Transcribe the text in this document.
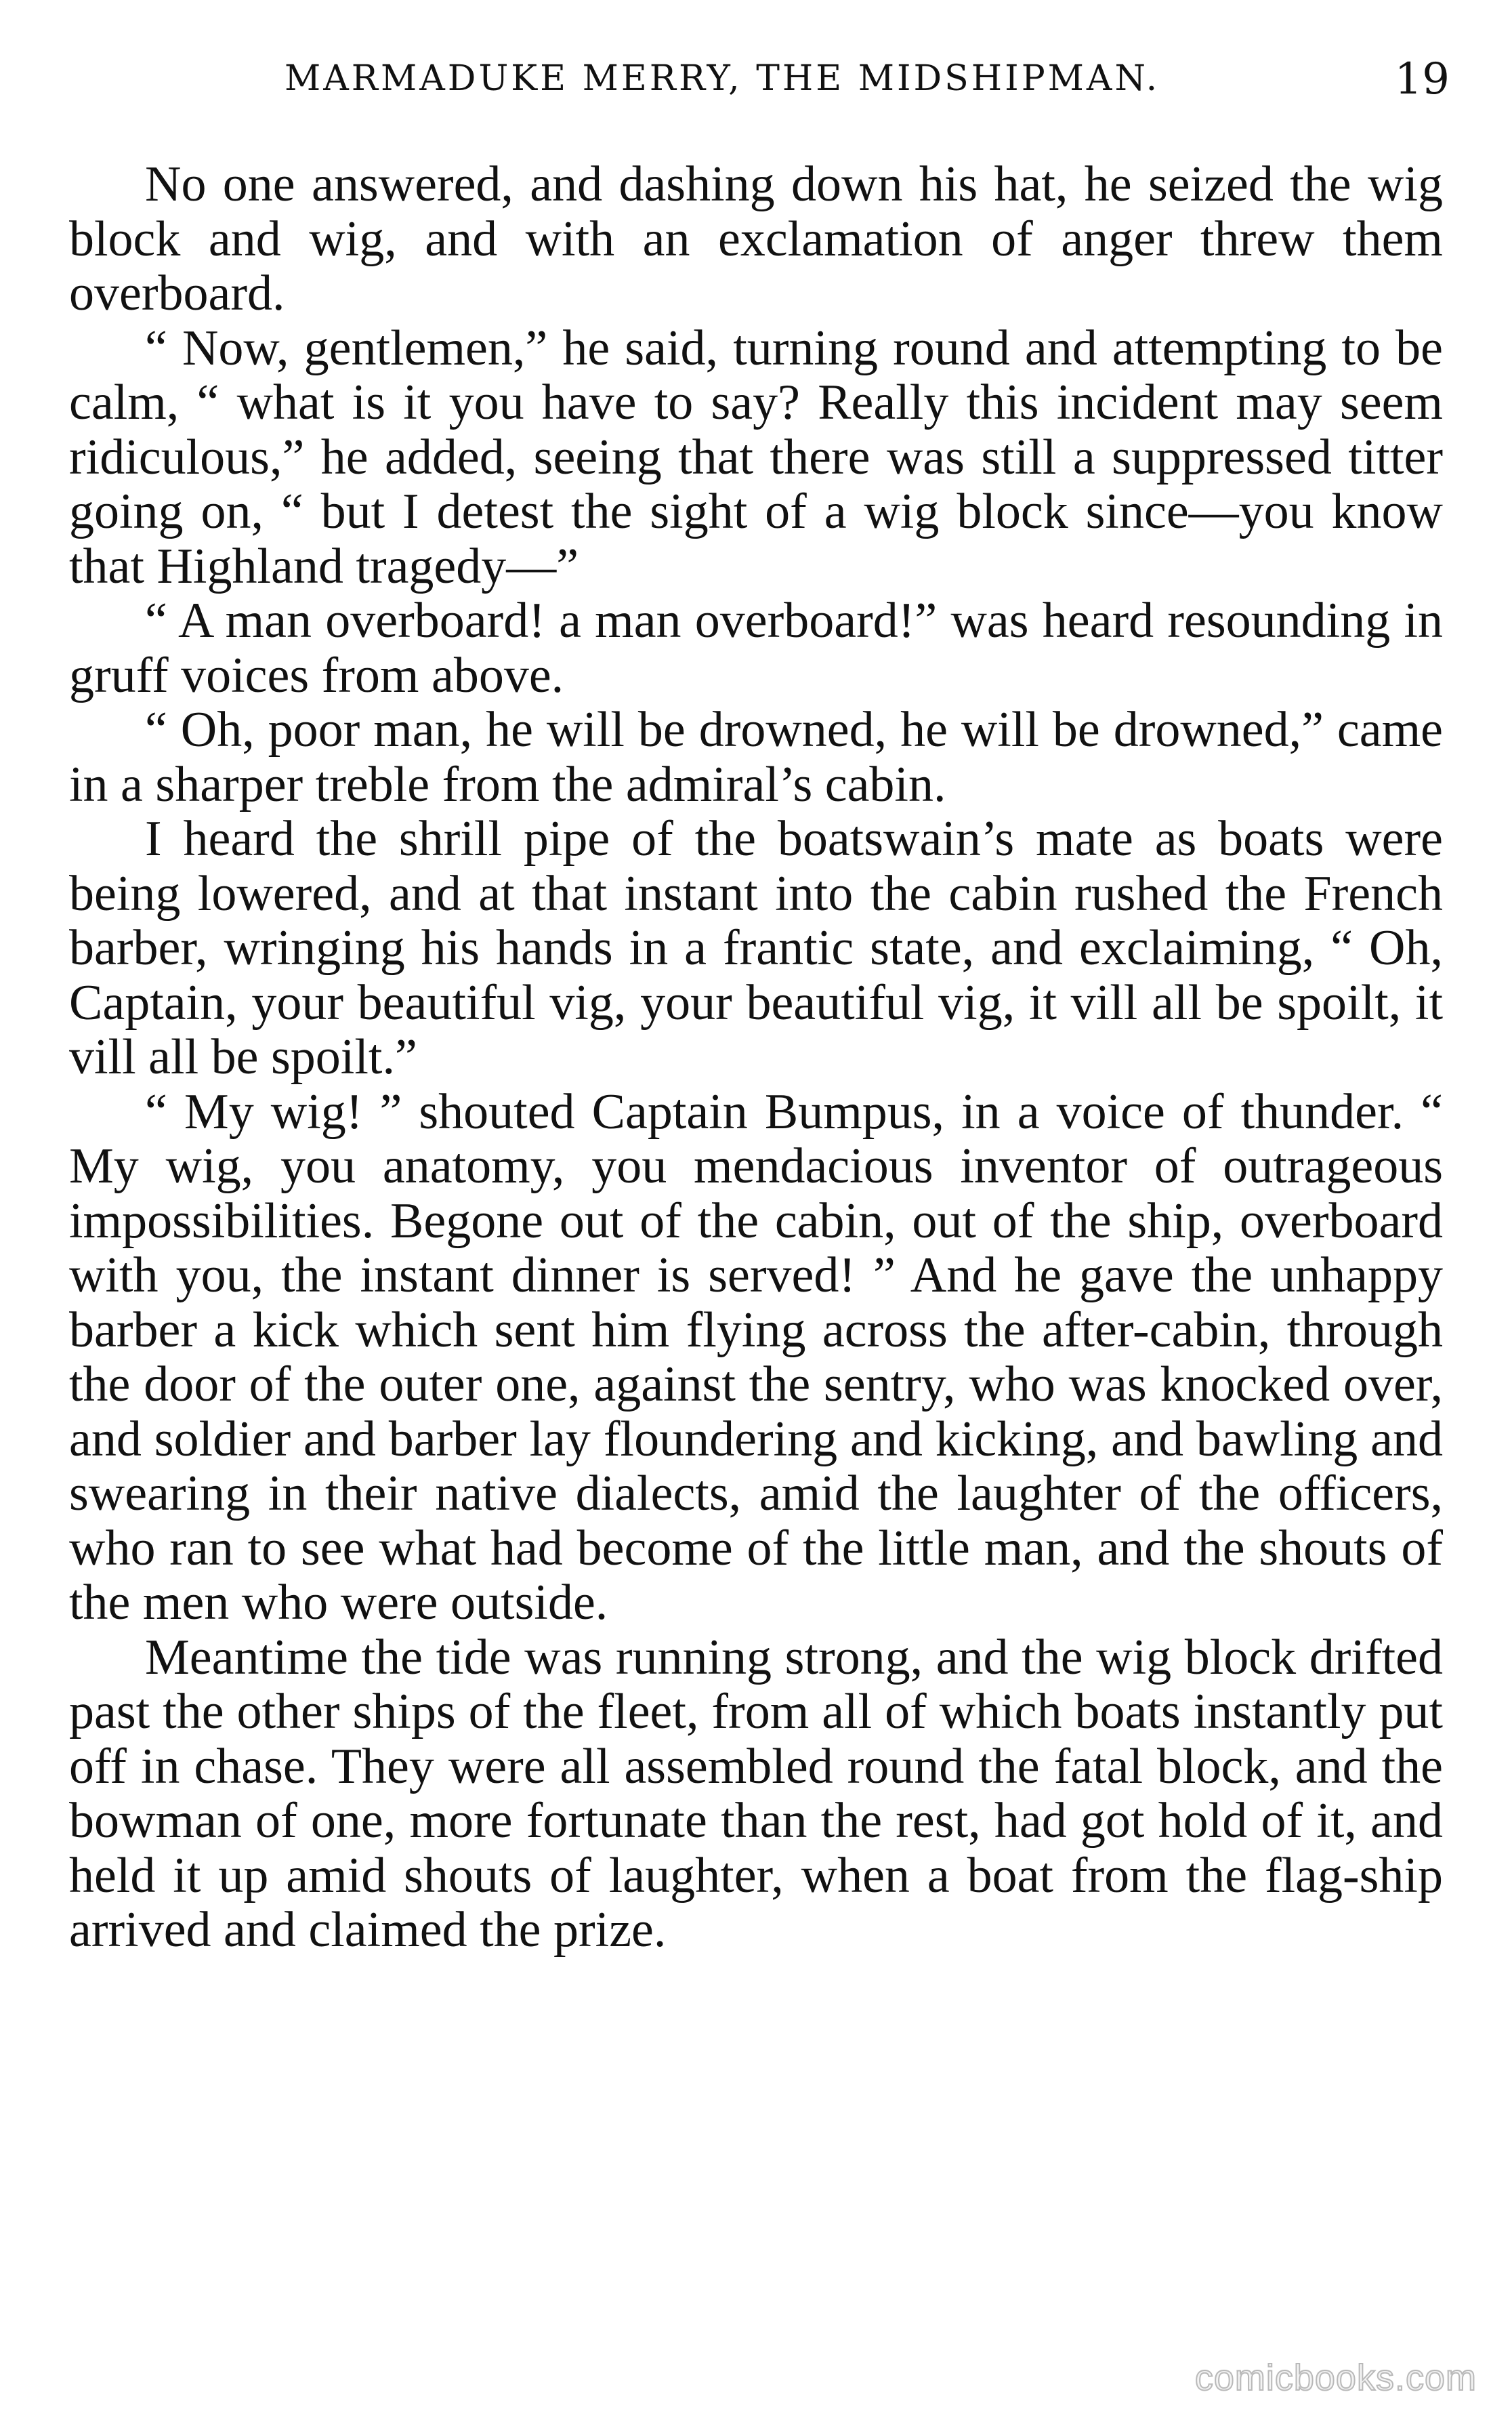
MARMADUKE MERRY, THE MIDSHIPMAN.	19

No one answered, and dashing down his hat, he seized the wig block and wig, and with an exclamation of anger threw them overboard.

“ Now, gentlemen,” he said, turning round and attempting to be calm, “ what is it you have to say? Really this incident may seem ridiculous,” he added, seeing that there was still a suppressed titter going on, “ but I detest the sight of a wig block since—you know that Highland tragedy—”

“ A man overboard! a man overboard!” was heard resounding in gruff voices from above.

“ Oh, poor man, he will be drowned, he will be drowned,” came in a sharper treble from the admiral’s cabin.

I heard the shrill pipe of the boatswain’s mate as boats were being lowered, and at that instant into the cabin rushed the French barber, wringing his hands in a frantic state, and exclaiming, “ Oh, Captain, your beautiful vig, your beautiful vig, it vill all be spoilt, it vill all be spoilt.”

“ My wig! ” shouted Captain Bumpus, in a voice of thunder. “ My wig, you anatomy, you mendacious inventor of outrageous impossibilities. Begone out of the cabin, out of the ship, overboard with you, the instant dinner is served! ” And he gave the unhappy barber a kick which sent him flying across the after-cabin, through the door of the outer one, against the sentry, who was knocked over, and soldier and barber lay floundering and kicking, and bawling and swearing in their native dialects, amid the laughter of the officers, who ran to see what had become of the little man, and the shouts of the men who were outside.

Meantime the tide was running strong, and the wig block drifted past the other ships of the fleet, from all of which boats instantly put off in chase. They were all assembled round the fatal block, and the bowman of one, more fortunate than the rest, had got hold of it, and held it up amid shouts of laughter, when a boat from the flag-ship arrived and claimed the prize.

comicbooks.com
